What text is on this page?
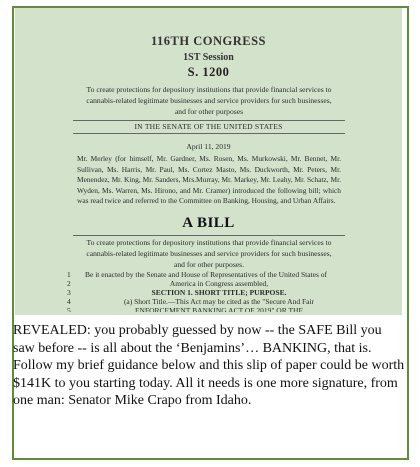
116TH CONGRESS
1ST Session
S. 1200
To create protections for depository institutions that provide financial services to cannabis-related legitimate businesses and service providers for such businesses, and for other purposes
IN THE SENATE OF THE UNITED STATES
April 11, 2019
Mr. Merley (for himself, Mr. Gardner, Ms. Rosen, Ms. Murkowski, Mr. Bennet, Mr. Sullivan, Ms. Harris, Mr. Paul, Ms. Cortez Masto, Ms. Duckworth, Mr. Peters, Mr. Menendez, Mr. King, Mr. Sanders, Mrs.Murray, Mr. Markey, Mr. Leahy, Mr. Schatz, Mr. Wyden, Ms. Warren, Ms. Hirono, and Mr. Cramer) introduced the following bill; which was read twice and referred to the Committee on Banking, Housing, and Urban Affairs.
A BILL
To create protections for depository institutions that provide financial services to cannabis-related legitimate businesses and service providers for such businesses, and for other purposes.
1	Be it enacted by the Senate and House of Representatives of the United States of
2	America in Congress assembled,
3	SECTION 1. SHORT TITLE; PURPOSE.
4	(a) Short Title.—This Act may be cited as the "Secure And Fair
5	ENFORCEMENT BANKING ACT OF 2019" OR THE
REVEALED: you probably guessed by now -- the SAFE Bill you saw before -- is all about the ‘Benjamins’… BANKING, that is. Follow my brief guidance below and this slip of paper could be worth $141K to you starting today. All it needs is one more signature, from one man: Senator Mike Crapo from Idaho.
